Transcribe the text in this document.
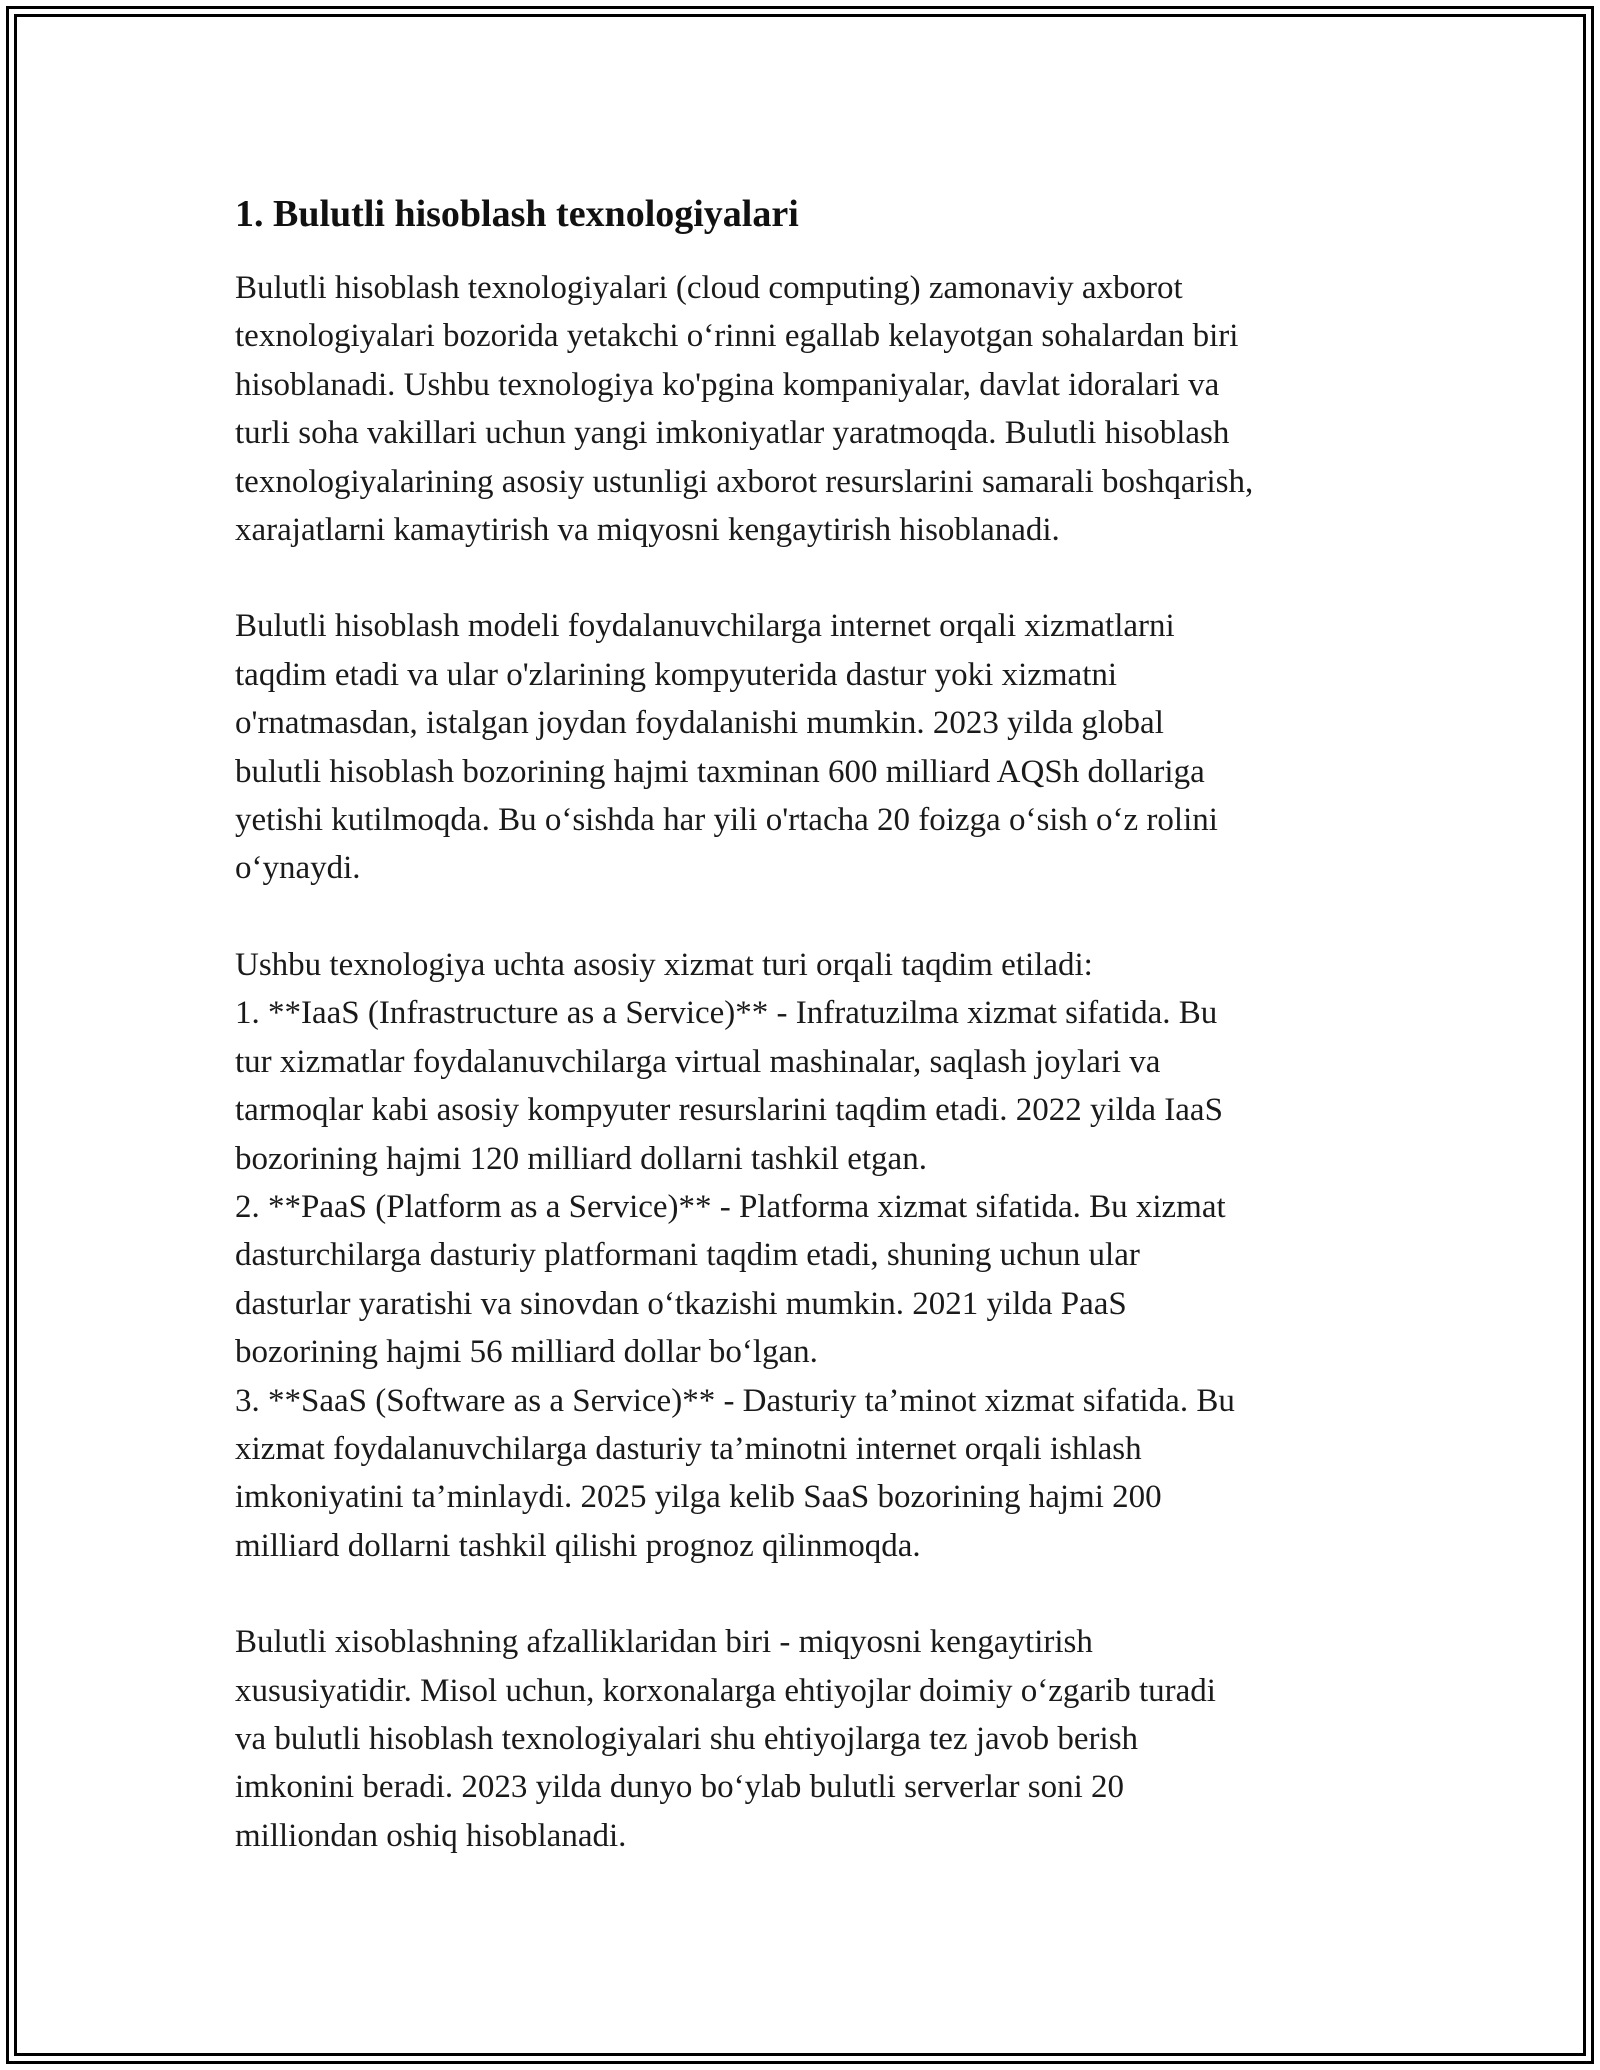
1. Bulutli hisoblash texnologiyalari

Bulutli hisoblash texnologiyalari (cloud computing) zamonaviy axborot
texnologiyalari bozorida yetakchi o‘rinni egallab kelayotgan sohalardan biri
hisoblanadi. Ushbu texnologiya ko'pgina kompaniyalar, davlat idoralari va
turli soha vakillari uchun yangi imkoniyatlar yaratmoqda. Bulutli hisoblash
texnologiyalarining asosiy ustunligi axborot resurslarini samarali boshqarish,
xarajatlarni kamaytirish va miqyosni kengaytirish hisoblanadi.

Bulutli hisoblash modeli foydalanuvchilarga internet orqali xizmatlarni
taqdim etadi va ular o'zlarining kompyuterida dastur yoki xizmatni
o'rnatmasdan, istalgan joydan foydalanishi mumkin. 2023 yilda global
bulutli hisoblash bozorining hajmi taxminan 600 milliard AQSh dollariga
yetishi kutilmoqda. Bu o‘sishda har yili o'rtacha 20 foizga o‘sish o‘z rolini
o‘ynaydi.

Ushbu texnologiya uchta asosiy xizmat turi orqali taqdim etiladi:
1. **IaaS (Infrastructure as a Service)** - Infratuzilma xizmat sifatida. Bu
tur xizmatlar foydalanuvchilarga virtual mashinalar, saqlash joylari va
tarmoqlar kabi asosiy kompyuter resurslarini taqdim etadi. 2022 yilda IaaS
bozorining hajmi 120 milliard dollarni tashkil etgan.
2. **PaaS (Platform as a Service)** - Platforma xizmat sifatida. Bu xizmat
dasturchilarga dasturiy platformani taqdim etadi, shuning uchun ular
dasturlar yaratishi va sinovdan o‘tkazishi mumkin. 2021 yilda PaaS
bozorining hajmi 56 milliard dollar bo‘lgan.
3. **SaaS (Software as a Service)** - Dasturiy ta’minot xizmat sifatida. Bu
xizmat foydalanuvchilarga dasturiy ta’minotni internet orqali ishlash
imkoniyatini ta’minlaydi. 2025 yilga kelib SaaS bozorining hajmi 200
milliard dollarni tashkil qilishi prognoz qilinmoqda.

Bulutli xisoblashning afzalliklaridan biri - miqyosni kengaytirish
xususiyatidir. Misol uchun, korxonalarga ehtiyojlar doimiy o‘zgarib turadi
va bulutli hisoblash texnologiyalari shu ehtiyojlarga tez javob berish
imkonini beradi. 2023 yilda dunyo bo‘ylab bulutli serverlar soni 20
milliondan oshiq hisoblanadi.
